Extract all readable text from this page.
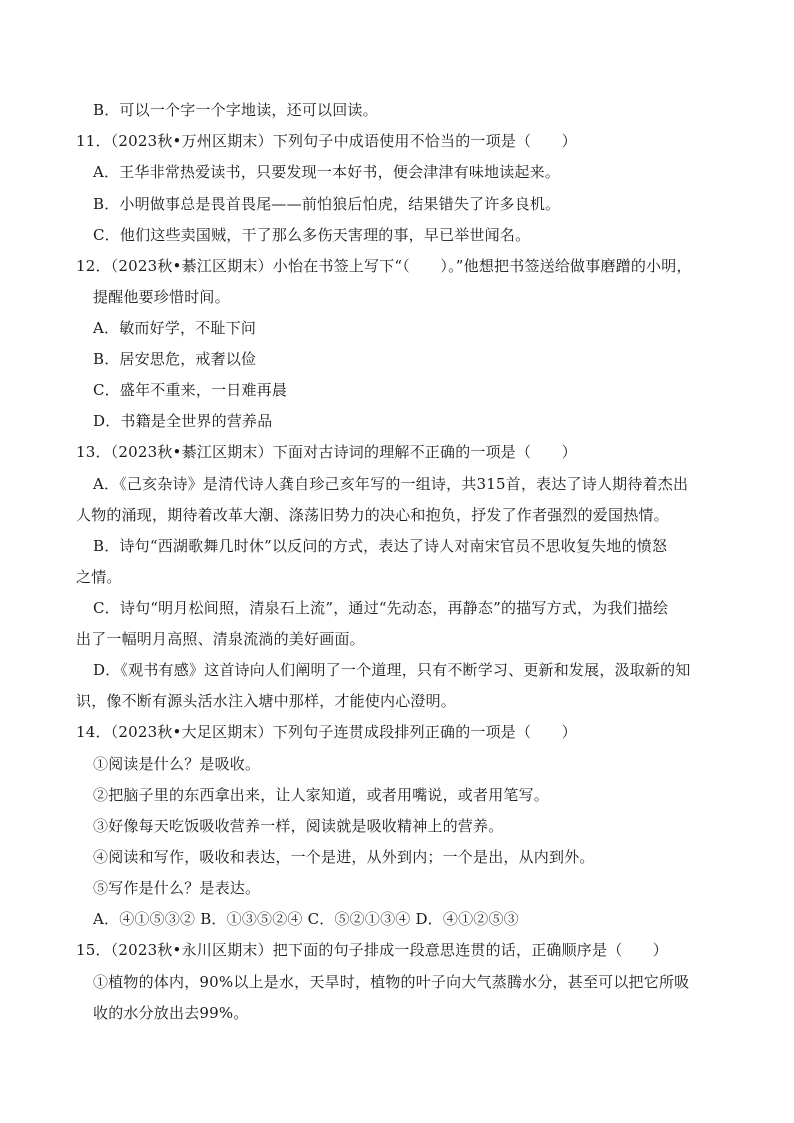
B．可以一个字一个字地读，还可以回读。
11．（2023秋•万州区期末）下列句子中成语使用不恰当的一项是（　　）
A．王华非常热爱读书，只要发现一本好书，便会津津有味地读起来。
B．小明做事总是畏首畏尾——前怕狼后怕虎，结果错失了许多良机。
C．他们这些卖国贼，干了那么多伤天害理的事，早已举世闻名。
12．（2023秋•綦江区期末）小怡在书签上写下“（　　）。”他想把书签送给做事磨蹭的小明，
提醒他要珍惜时间。
A．敏而好学，不耻下问
B．居安思危，戒奢以俭
C．盛年不重来，一日难再晨
D．书籍是全世界的营养品
13．（2023秋•綦江区期末）下面对古诗词的理解不正确的一项是（　　）
A．《己亥杂诗》是清代诗人龚自珍己亥年写的一组诗，共315首，表达了诗人期待着杰出
人物的涌现，期待着改革大潮、涤荡旧势力的决心和抱负，抒发了作者强烈的爱国热情。
B．诗句“西湖歌舞几时休”以反问的方式，表达了诗人对南宋官员不思收复失地的愤怒
之情。
C．诗句“明月松间照，清泉石上流”，通过“先动态，再静态”的描写方式，为我们描绘
出了一幅明月高照、清泉流淌的美好画面。
D．《观书有感》这首诗向人们阐明了一个道理，只有不断学习、更新和发展，汲取新的知
识，像不断有源头活水注入塘中那样，才能使内心澄明。
14．（2023秋•大足区期末）下列句子连贯成段排列正确的一项是（　　）
①阅读是什么？是吸收。
②把脑子里的东西拿出来，让人家知道，或者用嘴说，或者用笔写。
③好像每天吃饭吸收营养一样，阅读就是吸收精神上的营养。
④阅读和写作，吸收和表达，一个是进，从外到内；一个是出，从内到外。
⑤写作是什么？是表达。
A．④①⑤③② B．①③⑤②④ C．⑤②①③④ D．④①②⑤③
15．（2023秋•永川区期末）把下面的句子排成一段意思连贯的话，正确顺序是（　　）
①植物的体内，90%以上是水，天旱时，植物的叶子向大气蒸腾水分，甚至可以把它所吸
收的水分放出去99%。
